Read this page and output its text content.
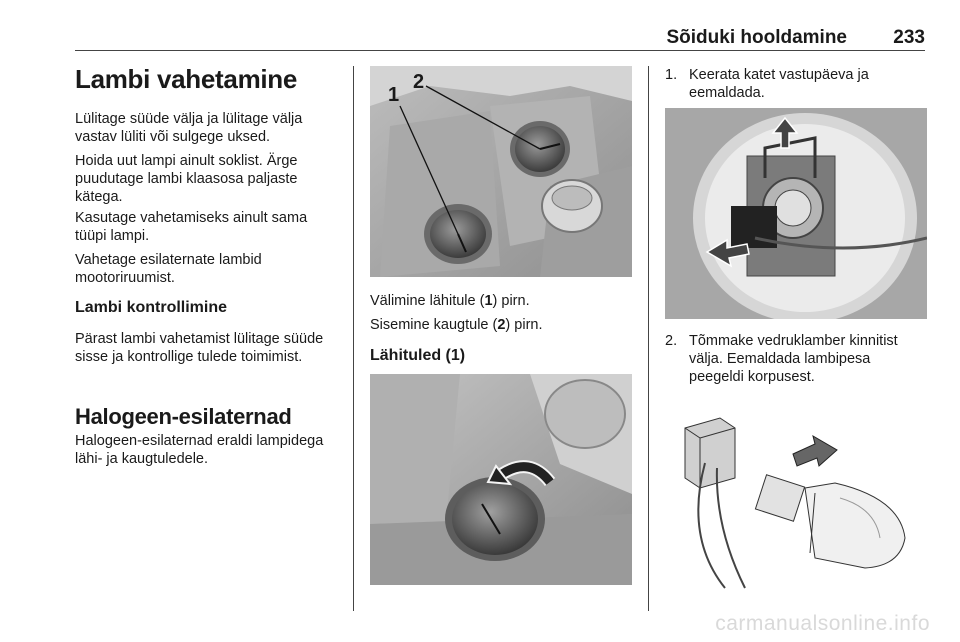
Sõiduki hooldamine 233
Lambi vahetamine

Lülitage süüde välja ja lülitage välja vastav lüliti või sulgege uksed.

Hoida uut lampi ainult soklist. Ärge puudutage lambi klaasosa paljaste kätega.

Kasutage vahetamiseks ainult sama tüüpi lampi.

Vahetage esilaternate lambid mootoriruumist.

Lambi kontrollimine

Pärast lambi vahetamist lülitage süüde sisse ja kontrollige tulede toimimist.

Halogeen-esilaternad

Halogeen-esilaternad eraldi lampidega lähi- ja kaugtuledele.

1
2

Välimine lähitule (1) pirn.

Sisemine kaugtule (2) pirn.

Lähituled (1)
1. Keerata katet vastupäeva ja eemaldada.
2. Tõmmake vedruklamber kinnitist välja. Eemaldada lambipesa peegeldi korpusest.
carmanualsonline.info
